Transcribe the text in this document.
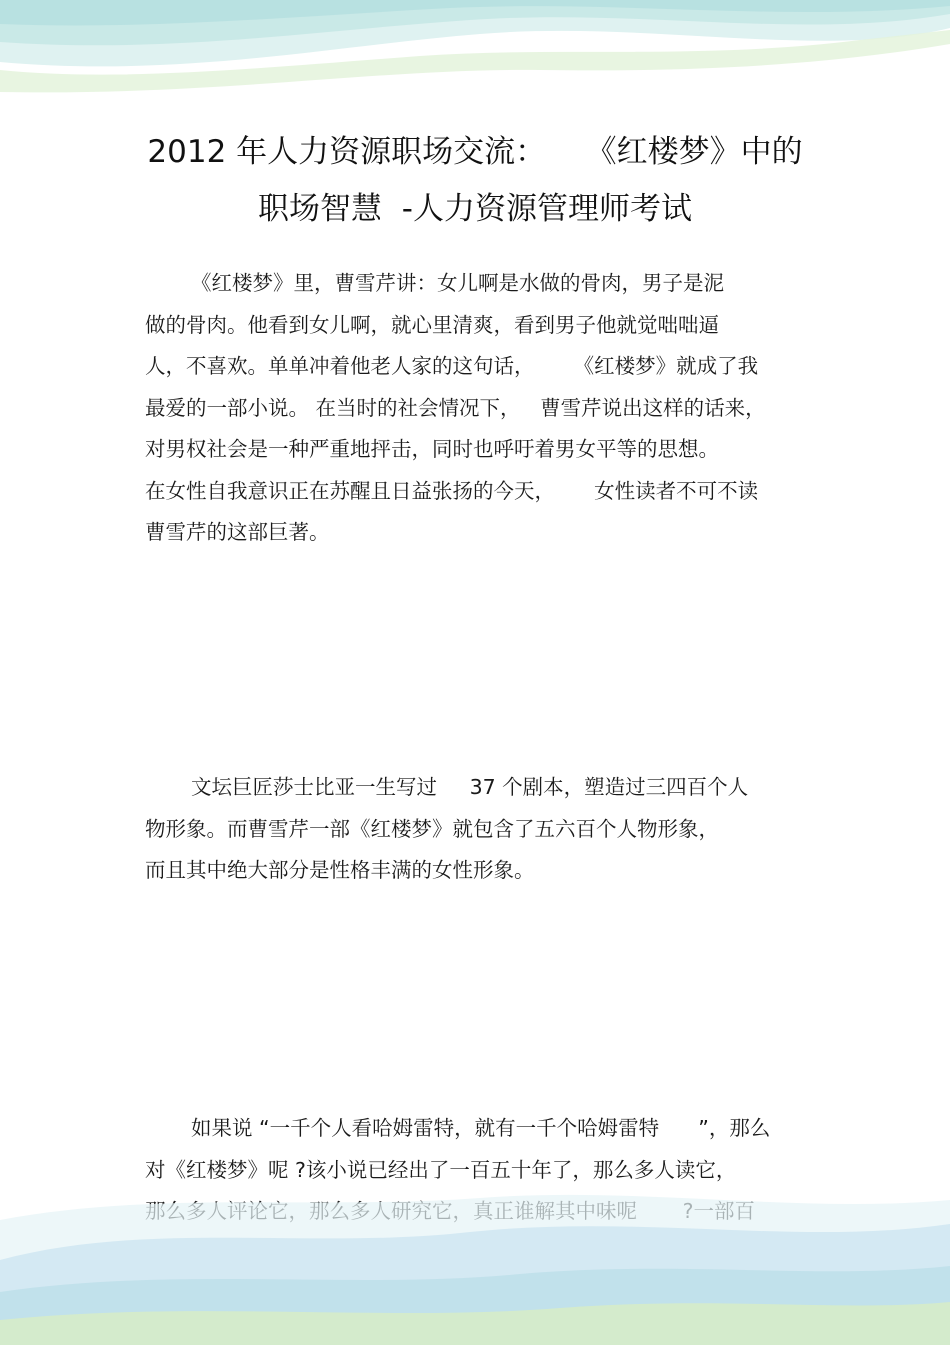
2012 年人力资源职场交流：    《红楼梦》中的
职场智慧  -人力资源管理师考试
《红楼梦》里，曹雪芹讲：女儿啊是水做的骨肉，男子是泥
做的骨肉。他看到女儿啊，就心里清爽，看到男子他就觉咄咄逼
人，不喜欢。单单冲着他老人家的这句话，      《红楼梦》就成了我
最爱的一部小说。 在当时的社会情况下，   曹雪芹说出这样的话来，
对男权社会是一种严重地抨击，同时也呼吁着男女平等的思想。
在女性自我意识正在苏醒且日益张扬的今天，      女性读者不可不读
曹雪芹的这部巨著。
文坛巨匠莎士比亚一生写过     37 个剧本，塑造过三四百个人
物形象。而曹雪芹一部《红楼梦》就包含了五六百个人物形象，
而且其中绝大部分是性格丰满的女性形象。
如果说 “一千个人看哈姆雷特，就有一千个哈姆雷特      ”，那么
对《红楼梦》呢 ?该小说已经出了一百五十年了，那么多人读它，
